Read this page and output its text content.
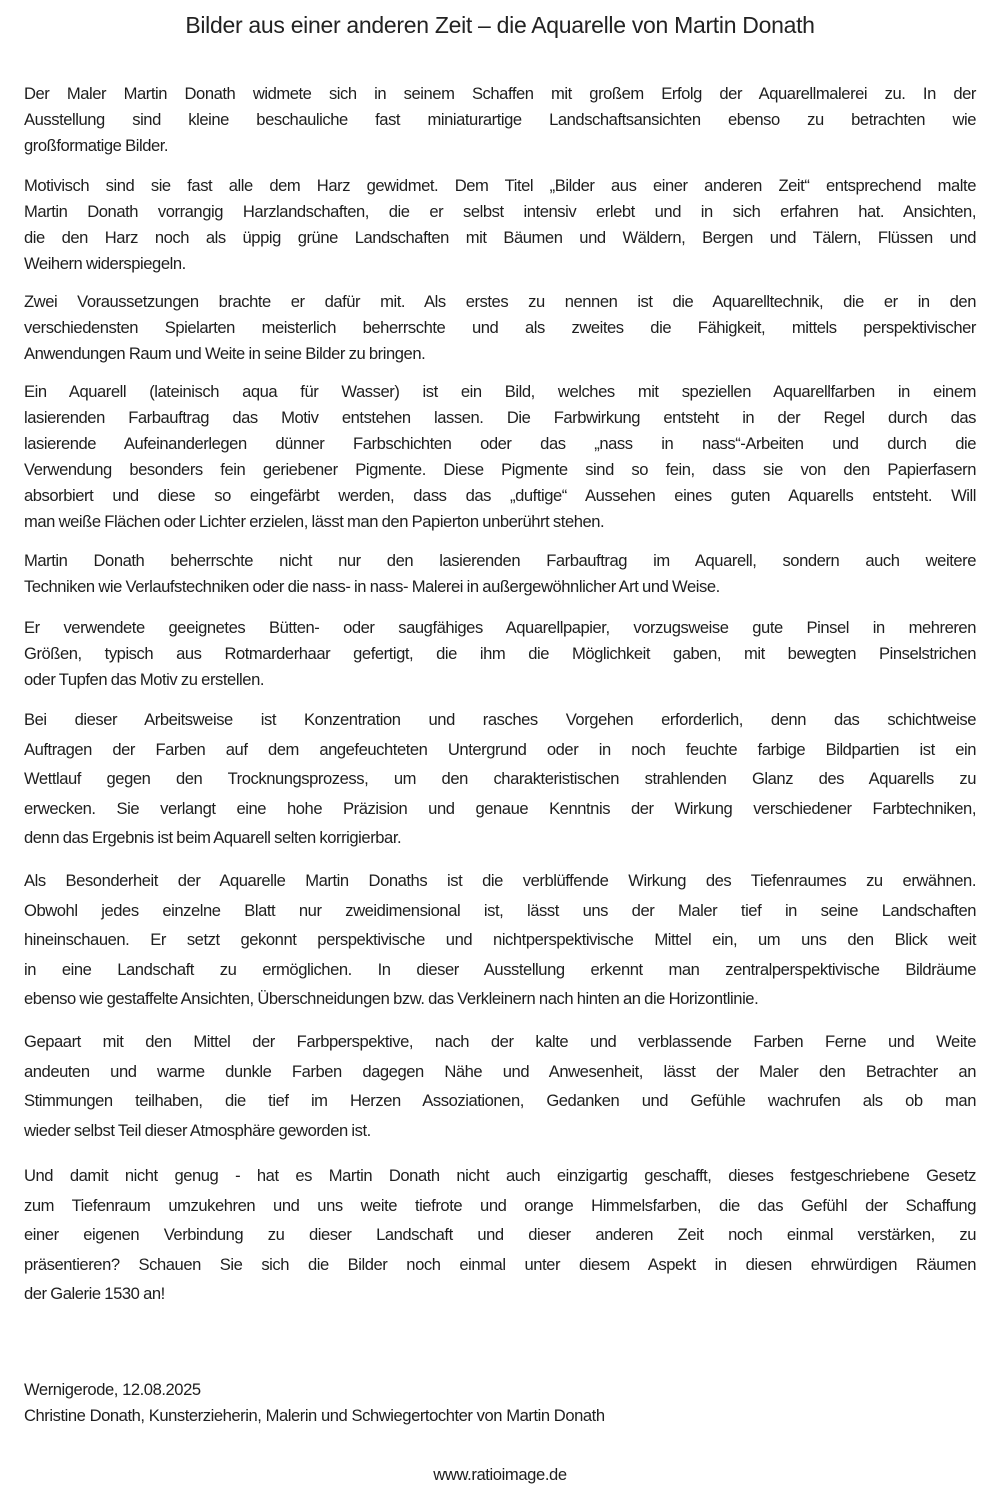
Bilder aus einer anderen Zeit – die Aquarelle von Martin Donath
Der Maler Martin Donath widmete sich in seinem Schaffen mit großem Erfolg der Aquarellmalerei zu. In der
Ausstellung sind kleine beschauliche fast miniaturartige Landschaftsansichten ebenso zu betrachten wie
großformatige Bilder.
Motivisch sind sie fast alle dem Harz gewidmet. Dem Titel „Bilder aus einer anderen Zeit“ entsprechend malte
Martin Donath vorrangig Harzlandschaften, die er selbst intensiv erlebt und in sich erfahren hat. Ansichten,
die den Harz noch als üppig grüne Landschaften mit Bäumen und Wäldern, Bergen und Tälern, Flüssen und
Weihern widerspiegeln.
Zwei Voraussetzungen brachte er dafür mit. Als erstes zu nennen ist die Aquarelltechnik, die er in den
verschiedensten Spielarten meisterlich beherrschte und als zweites die Fähigkeit, mittels perspektivischer
Anwendungen Raum und Weite in seine Bilder zu bringen.
Ein Aquarell (lateinisch aqua für Wasser) ist ein Bild, welches mit speziellen Aquarellfarben in einem
lasierenden Farbauftrag das Motiv entstehen lassen. Die Farbwirkung entsteht in der Regel durch das
lasierende Aufeinanderlegen dünner Farbschichten oder das „nass in nass“-Arbeiten und durch die
Verwendung besonders fein geriebener Pigmente. Diese Pigmente sind so fein, dass sie von den Papierfasern
absorbiert und diese so eingefärbt werden, dass das „duftige“ Aussehen eines guten Aquarells entsteht. Will
man weiße Flächen oder Lichter erzielen, lässt man den Papierton unberührt stehen.
Martin Donath beherrschte nicht nur den lasierenden Farbauftrag im Aquarell, sondern auch weitere
Techniken wie Verlaufstechniken oder die nass- in nass- Malerei in außergewöhnlicher Art und Weise.
Er verwendete geeignetes Bütten- oder saugfähiges Aquarellpapier, vorzugsweise gute Pinsel in mehreren
Größen, typisch aus Rotmarderhaar gefertigt, die ihm die Möglichkeit gaben, mit bewegten Pinselstrichen
oder Tupfen das Motiv zu erstellen.
Bei dieser Arbeitsweise ist Konzentration und rasches Vorgehen erforderlich, denn das schichtweise
Auftragen der Farben auf dem angefeuchteten Untergrund oder in noch feuchte farbige Bildpartien ist ein
Wettlauf gegen den Trocknungsprozess, um den charakteristischen strahlenden Glanz des Aquarells zu
erwecken. Sie verlangt eine hohe Präzision und genaue Kenntnis der Wirkung verschiedener Farbtechniken,
denn das Ergebnis ist beim Aquarell selten korrigierbar.
Als Besonderheit der Aquarelle Martin Donaths ist die verblüffende Wirkung des Tiefenraumes zu erwähnen.
Obwohl jedes einzelne Blatt nur zweidimensional ist, lässt uns der Maler tief in seine Landschaften
hineinschauen. Er setzt gekonnt perspektivische und nichtperspektivische Mittel ein, um uns den Blick weit
in eine Landschaft zu ermöglichen. In dieser Ausstellung erkennt man zentralperspektivische Bildräume
ebenso wie gestaffelte Ansichten, Überschneidungen bzw. das Verkleinern nach hinten an die Horizontlinie.
Gepaart mit den Mittel der Farbperspektive, nach der kalte und verblassende Farben Ferne und Weite
andeuten und warme dunkle Farben dagegen Nähe und Anwesenheit, lässt der Maler den Betrachter an
Stimmungen teilhaben, die tief im Herzen Assoziationen, Gedanken und Gefühle wachrufen als ob man
wieder selbst Teil dieser Atmosphäre geworden ist.
Und damit nicht genug - hat es Martin Donath nicht auch einzigartig geschafft, dieses festgeschriebene Gesetz
zum Tiefenraum umzukehren und uns weite tiefrote und orange Himmelsfarben, die das Gefühl der Schaffung
einer eigenen Verbindung zu dieser Landschaft und dieser anderen Zeit noch einmal verstärken, zu
präsentieren? Schauen Sie sich die Bilder noch einmal unter diesem Aspekt in diesen ehrwürdigen Räumen
der Galerie 1530 an!
Wernigerode, 12.08.2025
Christine Donath, Kunsterzieherin, Malerin und Schwiegertochter von Martin Donath
www.ratioimage.de
